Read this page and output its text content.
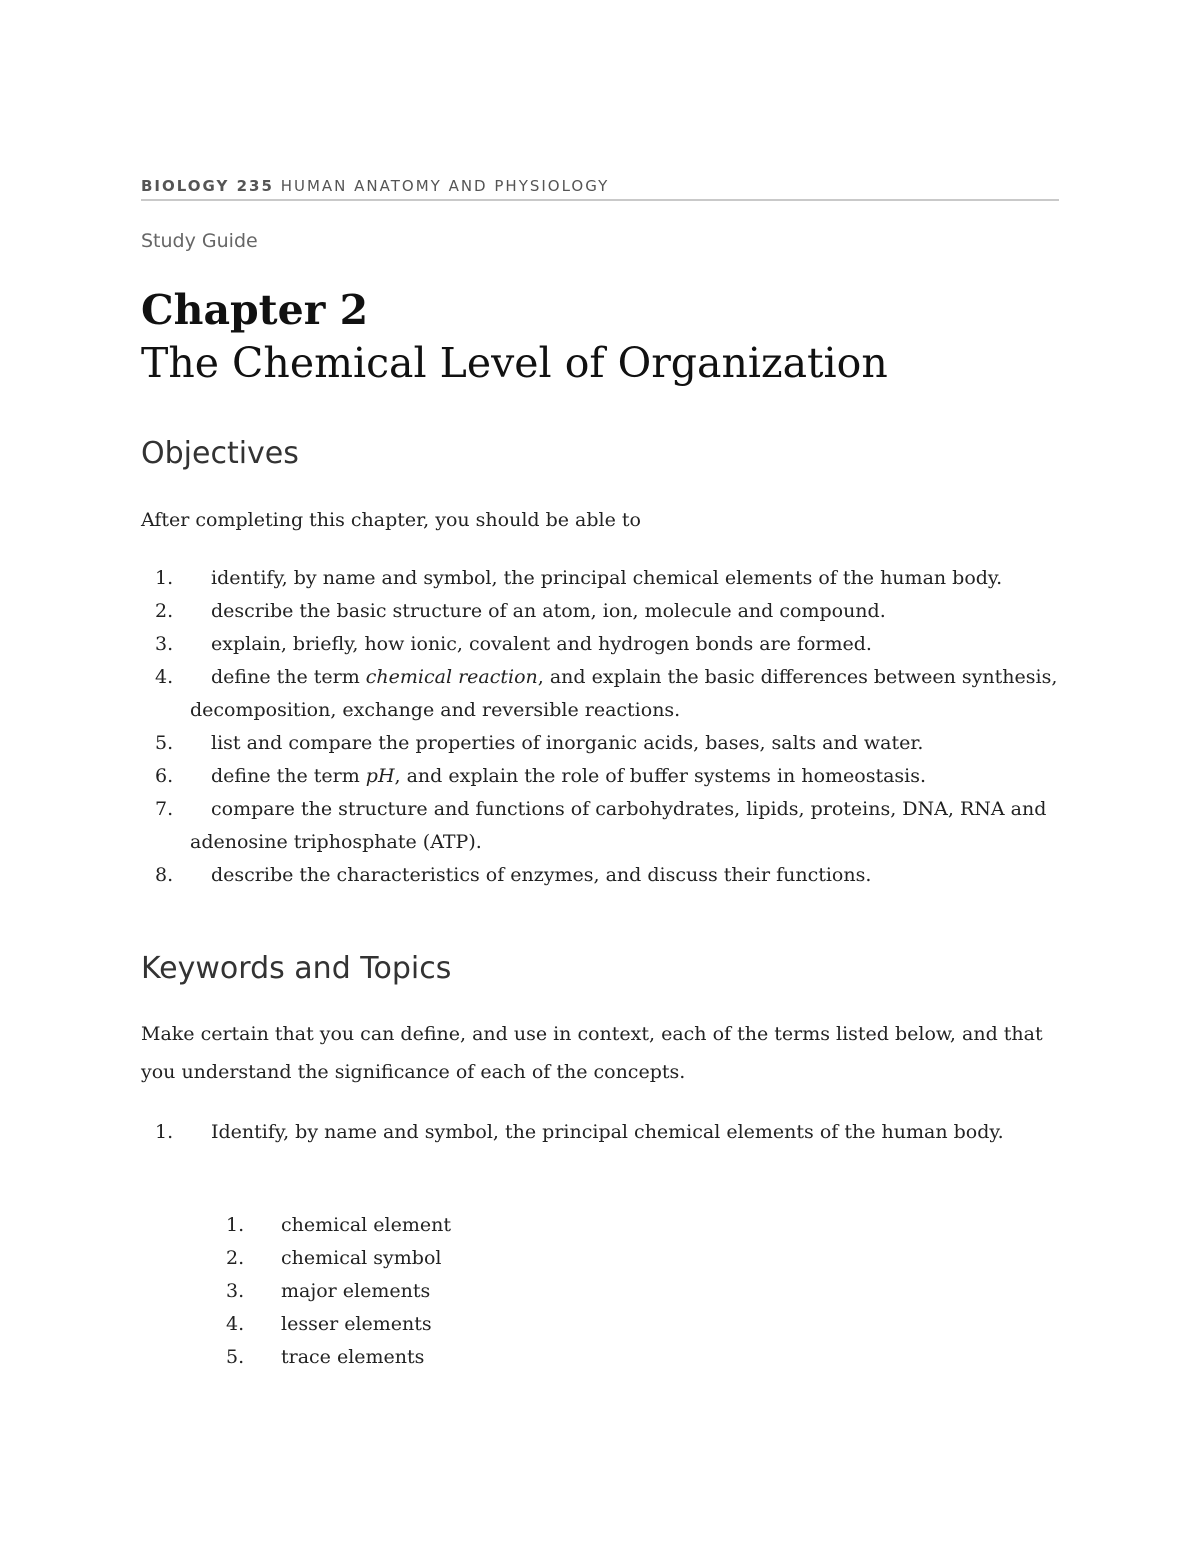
BIOLOGY 235 HUMAN ANATOMY AND PHYSIOLOGY
Study Guide
Chapter 2
The Chemical Level of Organization
Objectives
After completing this chapter, you should be able to
1.	identify, by name and symbol, the principal chemical elements of the human body.
2.	describe the basic structure of an atom, ion, molecule and compound.
3.	explain, briefly, how ionic, covalent and hydrogen bonds are formed.
4.	define the term chemical reaction, and explain the basic differences between synthesis, decomposition, exchange and reversible reactions.
5.	list and compare the properties of inorganic acids, bases, salts and water.
6.	define the term pH, and explain the role of buffer systems in homeostasis.
7.	compare the structure and functions of carbohydrates, lipids, proteins, DNA, RNA and adenosine triphosphate (ATP).
8.	describe the characteristics of enzymes, and discuss their functions.
Keywords and Topics
Make certain that you can define, and use in context, each of the terms listed below, and that you understand the significance of each of the concepts.
1.	Identify, by name and symbol, the principal chemical elements of the human body.
1. chemical element
2. chemical symbol
3. major elements
4. lesser elements
5. trace elements
